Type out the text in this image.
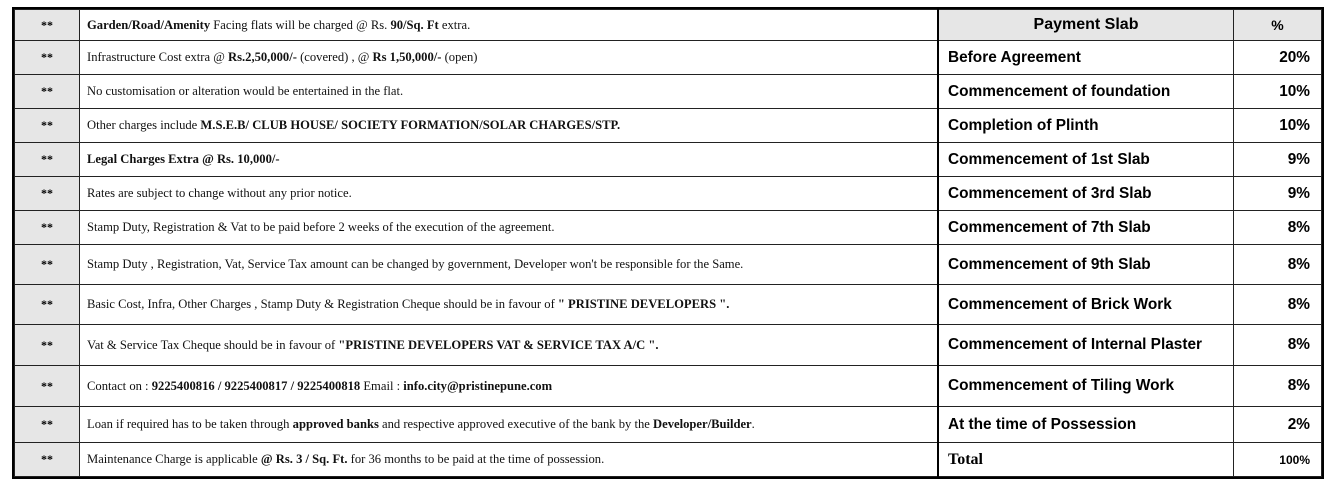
**	Garden/Road/Amenity Facing flats will be charged @ Rs. 90/Sq. Ft extra.	Payment Slab	%
**	Infrastructure Cost extra @ Rs.2,50,000/- (covered) , @ Rs 1,50,000/- (open)	Before Agreement	20%
**	No customisation or alteration would be entertained in the flat.	Commencement of foundation	10%
**	Other charges include M.S.E.B/ CLUB HOUSE/ SOCIETY FORMATION/SOLAR CHARGES/STP.	Completion of Plinth	10%
**	Legal Charges Extra @ Rs. 10,000/-	Commencement of 1st Slab	9%
**	Rates are subject to change without any prior notice.	Commencement of 3rd Slab	9%
**	Stamp Duty, Registration & Vat to be paid before 2 weeks of the execution of the agreement.	Commencement of 7th Slab	8%
**	Stamp Duty , Registration, Vat, Service Tax amount can be changed by government, Developer won't be responsible for the Same.	Commencement of 9th Slab	8%
**	Basic Cost, Infra, Other Charges , Stamp Duty & Registration Cheque should be in favour of " PRISTINE DEVELOPERS ".	Commencement of Brick Work	8%
**	Vat & Service Tax Cheque should be in favour of "PRISTINE DEVELOPERS VAT & SERVICE TAX A/C ".	Commencement of Internal Plaster	8%
**	Contact on : 9225400816 / 9225400817 / 9225400818 Email : info.city@pristinepune.com	Commencement of Tiling Work	8%
**	Loan if required has to be taken through approved banks and respective approved executive of the bank by the Developer/Builder.	At the time of Possession	2%
**	Maintenance Charge is applicable @ Rs. 3 / Sq. Ft. for 36 months to be paid at the time of possession.	Total	100%
